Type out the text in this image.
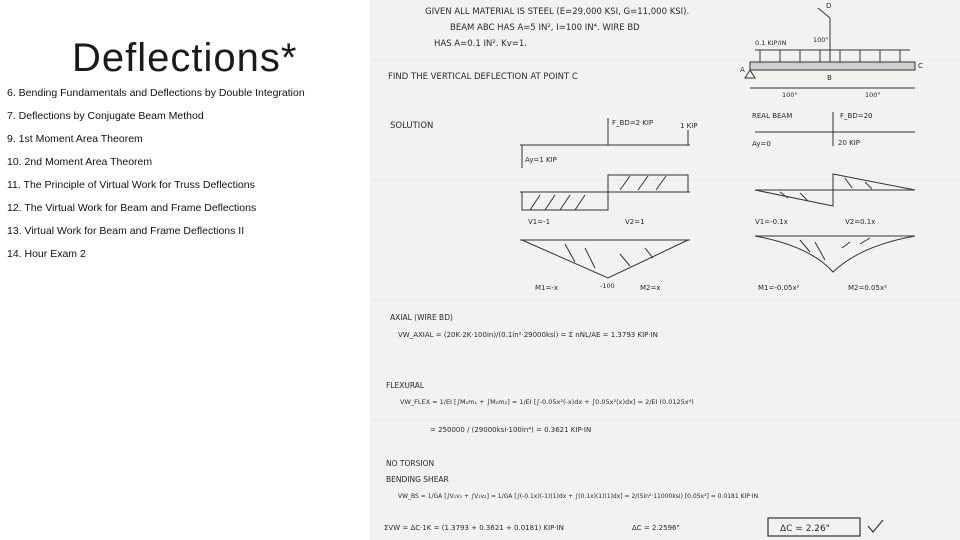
Deflections*
6. Bending Fundamentals and Deflections by Double Integration
7. Deflections by Conjugate Beam Method
9. 1st Moment Area Theorem
10. 2nd Moment Area Theorem
11. The Principle of Virtual Work for Truss Deflections
12. The Virtual Work for Beam and Frame Deflections
13. Virtual Work for Beam and Frame Deflections II
14. Hour Exam 2
GIVEN ALL MATERIAL IS STEEL (E=29,000 KSI, G=11,000 KSI).
BEAM ABC HAS A=5 IN², I=100 IN⁴. WIRE BD
HAS A=0.1 IN². Kv=1.
FIND THE VERTICAL DEFLECTION AT POINT C
SOLUTION
0.1 KIP/IN	100"
100"	100"
A
B
C
D
F_BD=2 KIP	1 KIP
Ay=1 KIP
V1=-1	V2=1
-100
M1=-x	M2=x
REAL BEAM	F_BD=20
20 KIP
Ay=0
V1=-0.1x	V2=0.1x
M1=-0.05x²	M2=0.05x²
AXIAL (WIRE BD)
VW_AXIAL = (20K·2K·100in)/(0.1in²·29000ksi) = Σ nNL/AE = 1.3793 KIP·IN
FLEXURAL
VW_FLEX = 1/EI [∫M₁m₁ + ∫M₂m₂] = 1/EI [∫-0.05x²(-x)dx + ∫0.05x²(x)dx] = 2/EI (0.0125x⁴)
= 250000 / (29000ksi·100in⁴) = 0.3621 KIP·IN
NO TORSION
BENDING SHEAR
VW_BS = 1/GA [∫V₁v₁ + ∫V₂v₂] = 1/GA [∫(-0.1x)(-1)(1)dx + ∫(0.1x)(1)(1)dx] = 2/(5in²·11000ksi) [0.05x²] = 0.0181 KIP·IN
ΣVW = ΔC·1K = (1.3793 + 0.3621 + 0.0181) KIP·IN	ΔC = 2.2596"	ΔC = 2.26"
